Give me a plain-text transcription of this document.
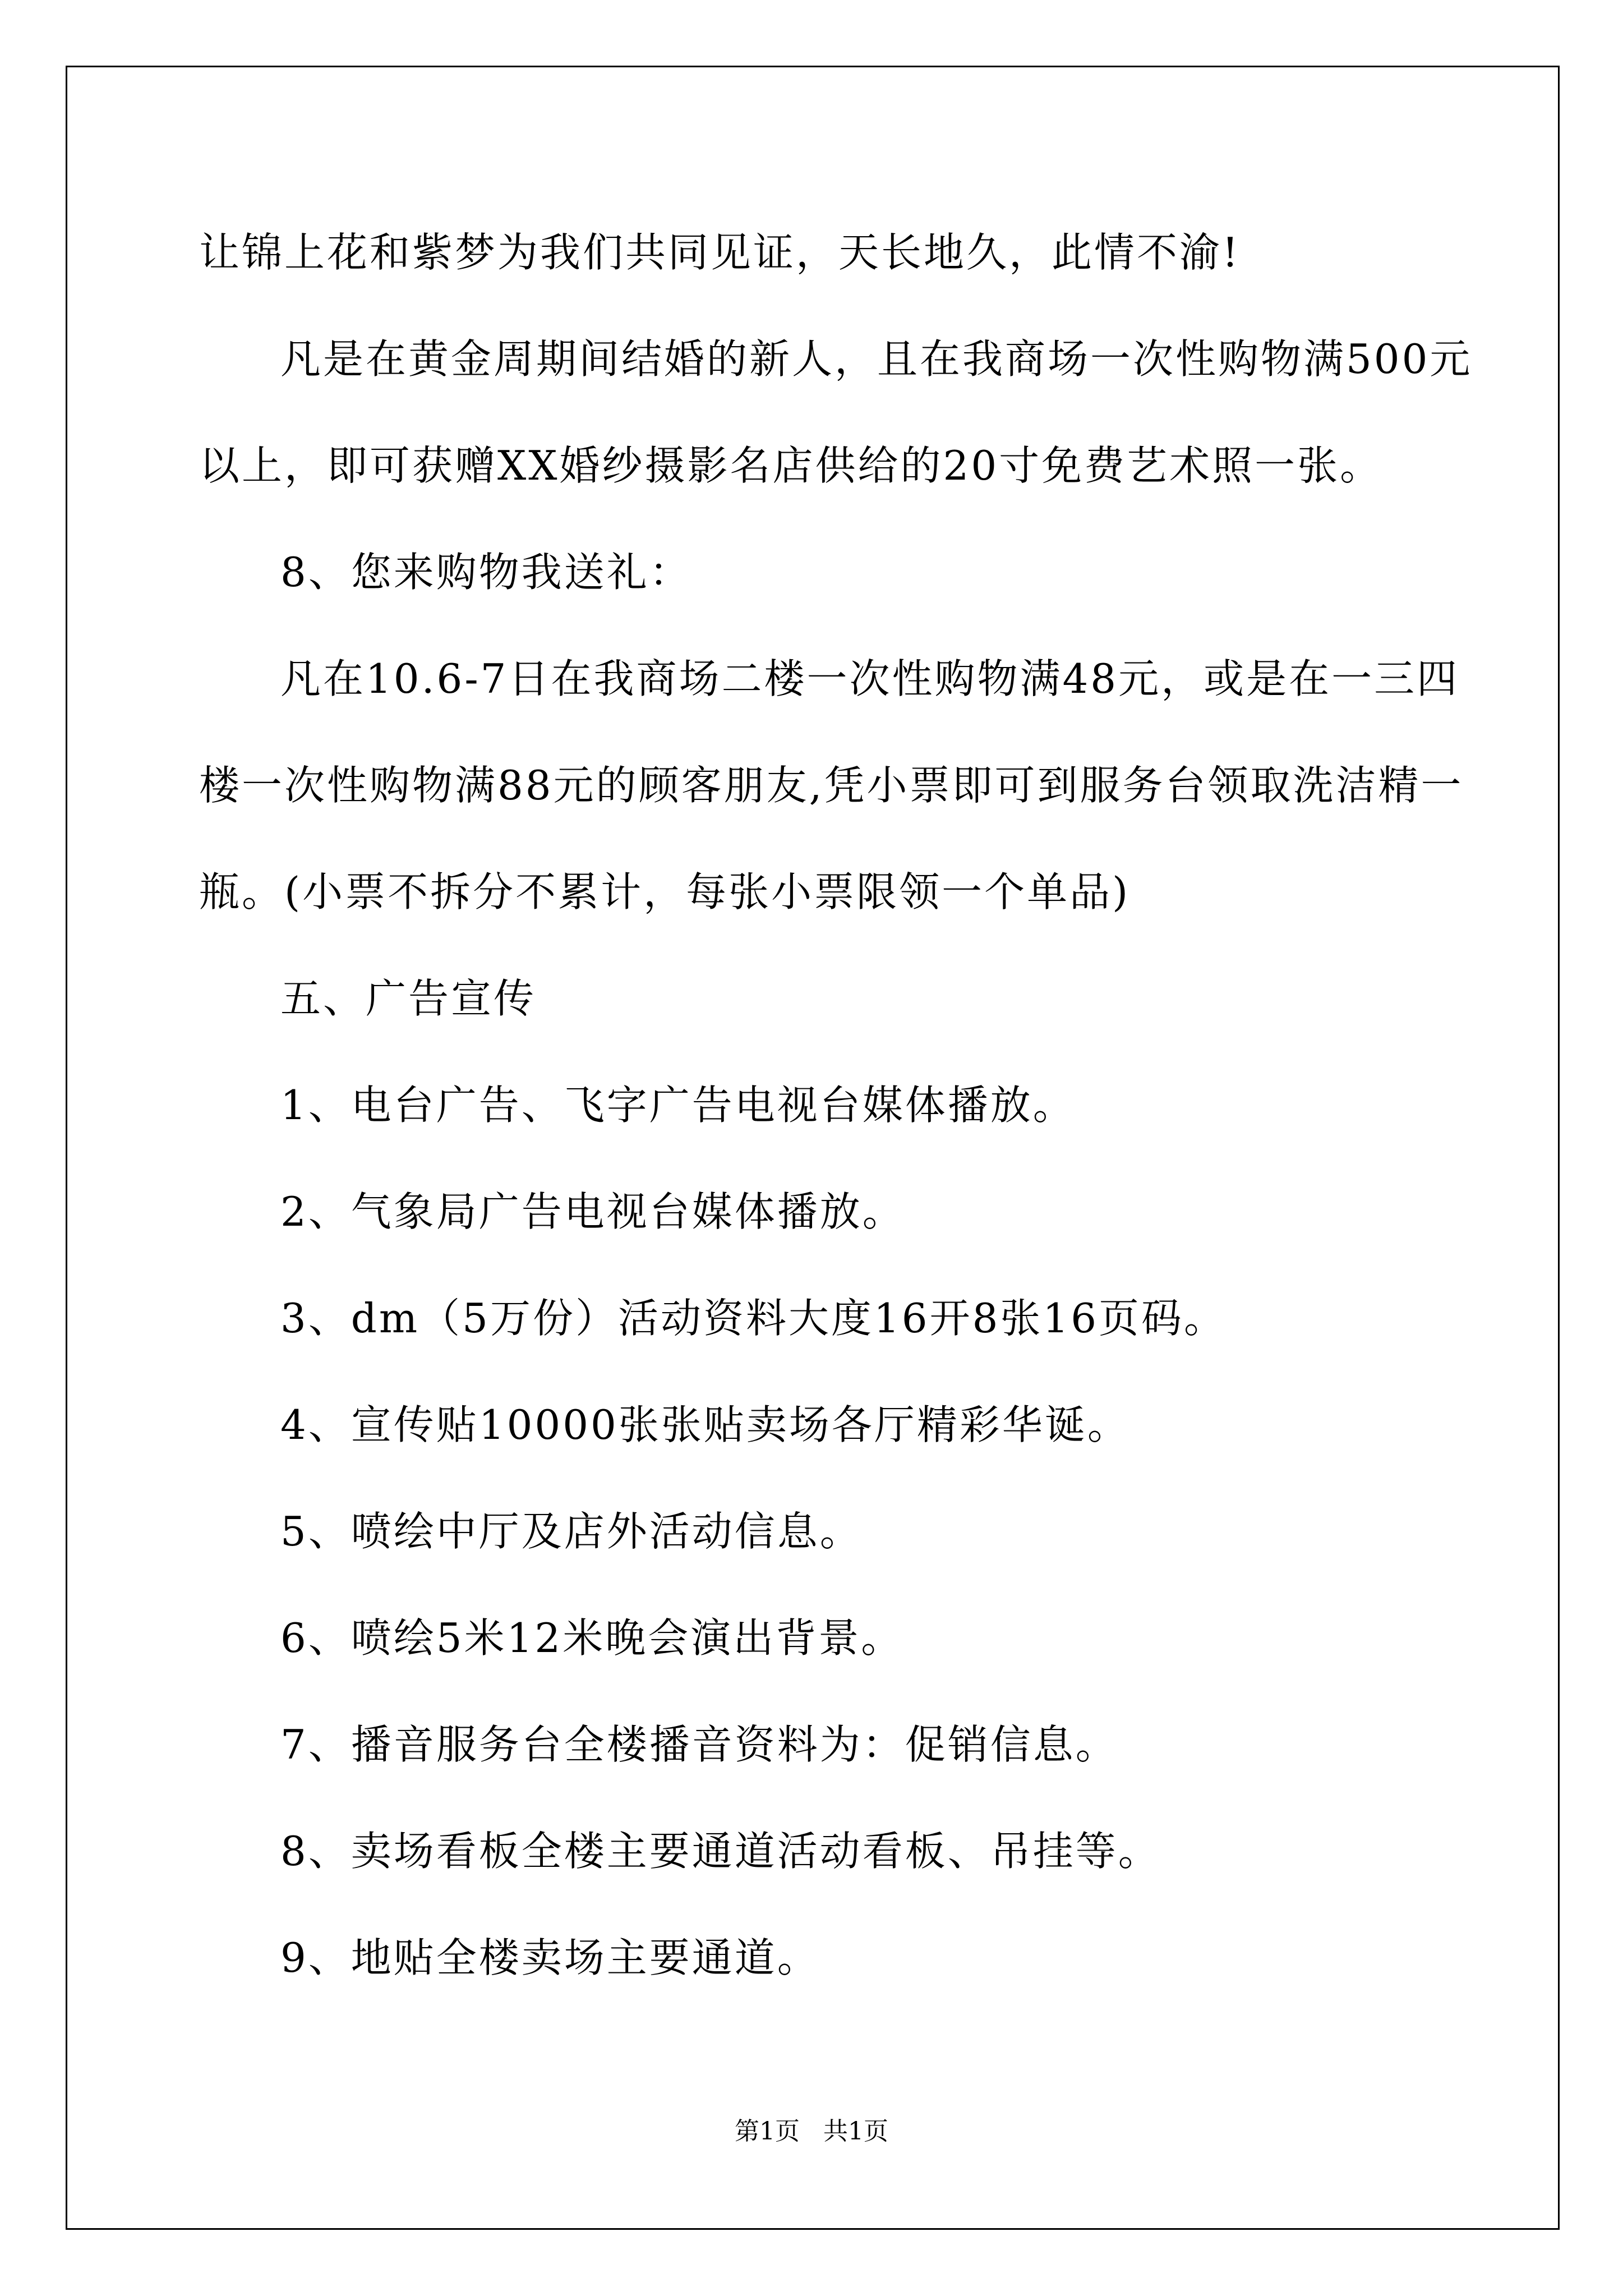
让锦上花和紫梦为我们共同见证，天长地久，此情不渝!
凡是在黄金周期间结婚的新人，且在我商场一次性购物满500元
以上，即可获赠XX婚纱摄影名店供给的20寸免费艺术照一张。
8、您来购物我送礼：
凡在10.6-7日在我商场二楼一次性购物满48元，或是在一三四
楼一次性购物满88元的顾客朋友,凭小票即可到服务台领取洗洁精一
瓶。(小票不拆分不累计，每张小票限领一个单品)
五、广告宣传
1、电台广告、飞字广告电视台媒体播放。
2、气象局广告电视台媒体播放。
3、dm（5万份）活动资料大度16开8张16页码。
4、宣传贴10000张张贴卖场各厅精彩华诞。
5、喷绘中厅及店外活动信息。
6、喷绘5米12米晚会演出背景。
7、播音服务台全楼播音资料为：促销信息。
8、卖场看板全楼主要通道活动看板、吊挂等。
9、地贴全楼卖场主要通道。
第1页   共1页
